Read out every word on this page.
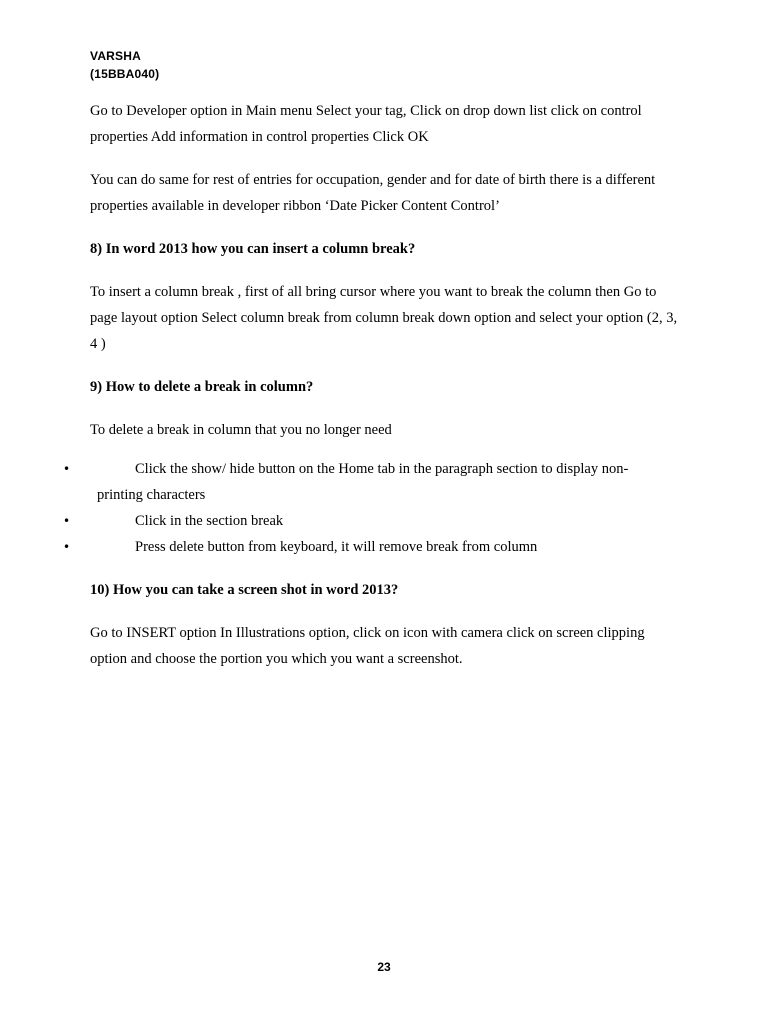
VARSHA
(15BBA040)

Go to Developer option in Main menu Select your tag, Click on drop down list click on control properties Add information in control properties Click OK

You can do same for rest of entries for occupation, gender and for date of birth there is a different properties available in developer ribbon ‘Date Picker Content Control’

8) In word 2013 how you can insert a column break?

To insert a column break , first of all bring cursor where you want to break the column then Go to page layout option Select column break from column break down option and select your option (2, 3, 4 )

9) How to delete a break in column?

To delete a break in column that you no longer need

•	Click the show/ hide button on the Home tab in the paragraph section to display non-
printing characters
•	Click in the section break
•	Press delete button from keyboard, it will remove break from column

10) How you can take a screen shot in word 2013?

Go to INSERT option In Illustrations option, click on icon with camera click on screen clipping option and choose the portion you which you want a screenshot.

23
